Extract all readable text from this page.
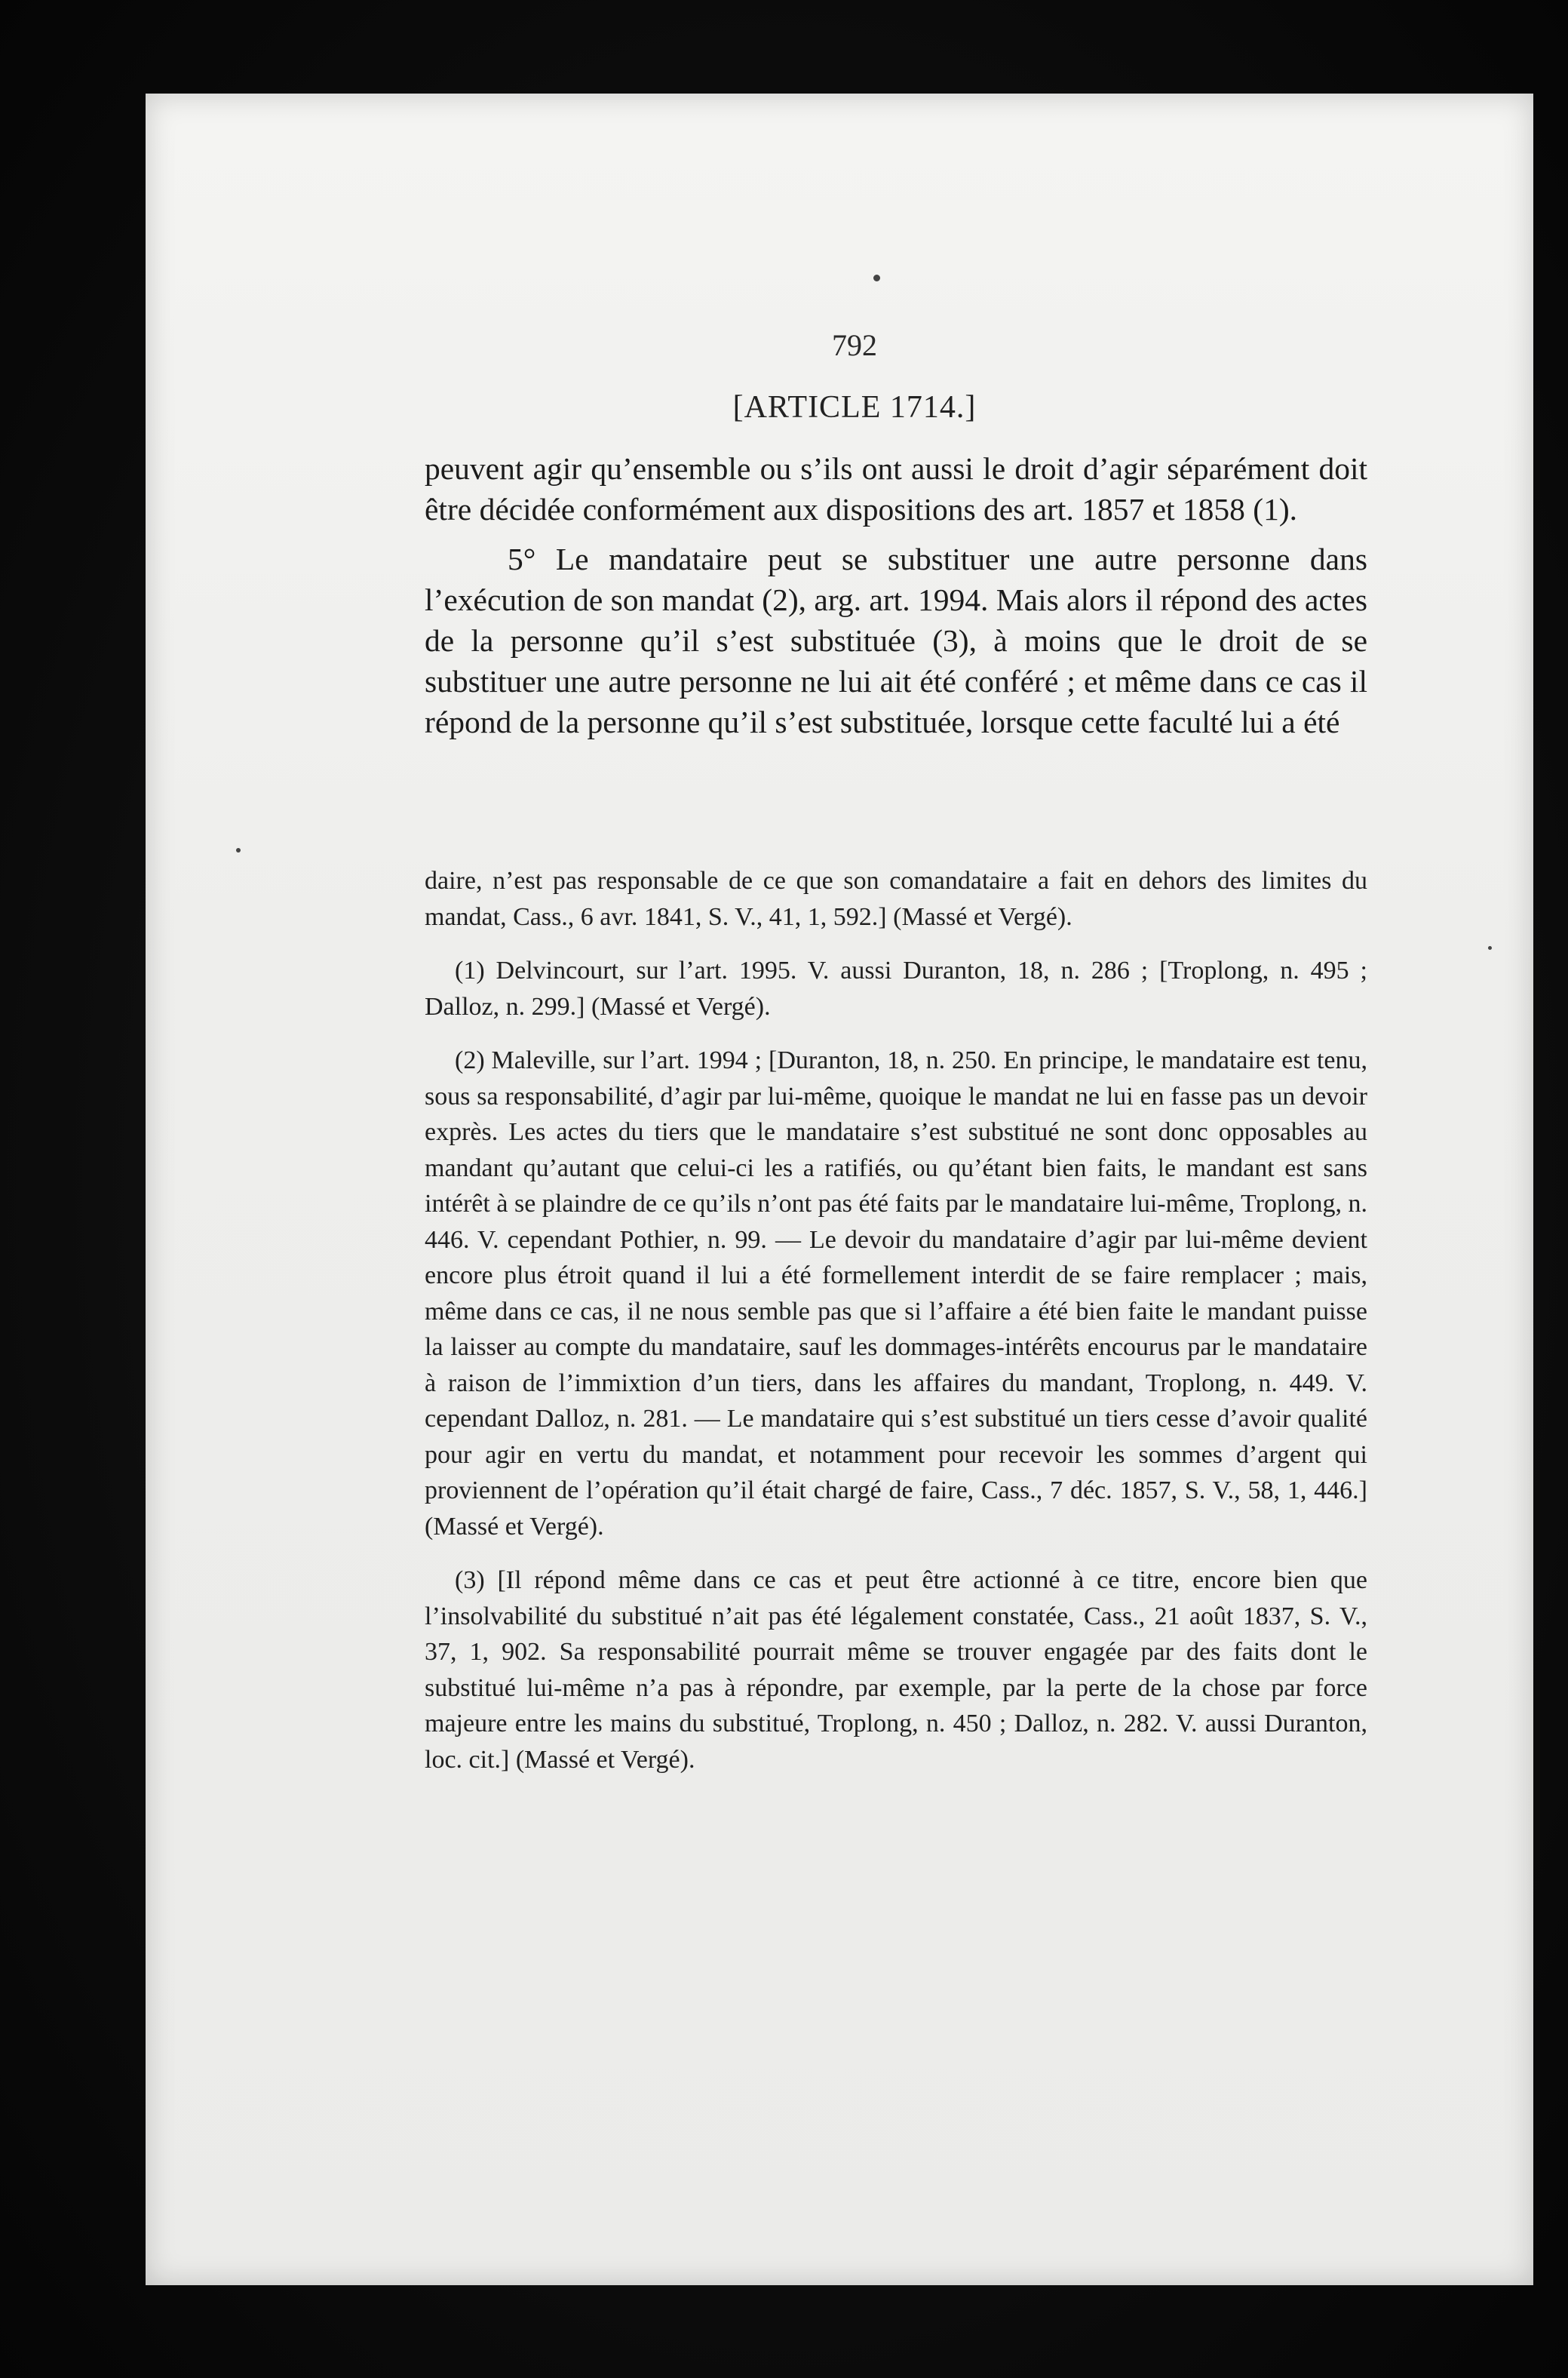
792
[ARTICLE 1714.]

peuvent agir qu’ensemble ou s’ils ont aussi le droit d’agir séparément doit être décidée conformément aux dispositions des art. 1857 et 1858 (1).

5° Le mandataire peut se substituer une autre personne dans l’exécution de son mandat (2), arg. art. 1994. Mais alors il répond des actes de la personne qu’il s’est substituée (3), à moins que le droit de se substituer une autre personne ne lui ait été conféré ; et même dans ce cas il répond de la personne qu’il s’est substituée, lorsque cette faculté lui a été

daire, n’est pas responsable de ce que son comandataire a fait en dehors des limites du mandat, Cass., 6 avr. 1841, S. V., 41, 1, 592.] (Massé et Vergé).

(1) Delvincourt, sur l’art. 1995. V. aussi Duranton, 18, n. 286 ; [Troplong, n. 495 ; Dalloz, n. 299.] (Massé et Vergé).

(2) Maleville, sur l’art. 1994 ; [Duranton, 18, n. 250. En principe, le mandataire est tenu, sous sa responsabilité, d’agir par lui-même, quoique le mandat ne lui en fasse pas un devoir exprès. Les actes du tiers que le mandataire s’est substitué ne sont donc opposables au mandant qu’autant que celui-ci les a ratifiés, ou qu’étant bien faits, le mandant est sans intérêt à se plaindre de ce qu’ils n’ont pas été faits par le mandataire lui-même, Troplong, n. 446. V. cependant Pothier, n. 99. — Le devoir du mandataire d’agir par lui-même devient encore plus étroit quand il lui a été formellement interdit de se faire remplacer ; mais, même dans ce cas, il ne nous semble pas que si l’affaire a été bien faite le mandant puisse la laisser au compte du mandataire, sauf les dommages-intérêts encourus par le mandataire à raison de l’immixtion d’un tiers, dans les affaires du mandant, Troplong, n. 449. V. cependant Dalloz, n. 281. — Le mandataire qui s’est substitué un tiers cesse d’avoir qualité pour agir en vertu du mandat, et notamment pour recevoir les sommes d’argent qui proviennent de l’opération qu’il était chargé de faire, Cass., 7 déc. 1857, S. V., 58, 1, 446.] (Massé et Vergé).

(3) [Il répond même dans ce cas et peut être actionné à ce titre, encore bien que l’insolvabilité du substitué n’ait pas été légalement constatée, Cass., 21 août 1837, S. V., 37, 1, 902. Sa responsabilité pourrait même se trouver engagée par des faits dont le substitué lui-même n’a pas à répondre, par exemple, par la perte de la chose par force majeure entre les mains du substitué, Troplong, n. 450 ; Dalloz, n. 282. V. aussi Duranton, loc. cit.] (Massé et Vergé).
